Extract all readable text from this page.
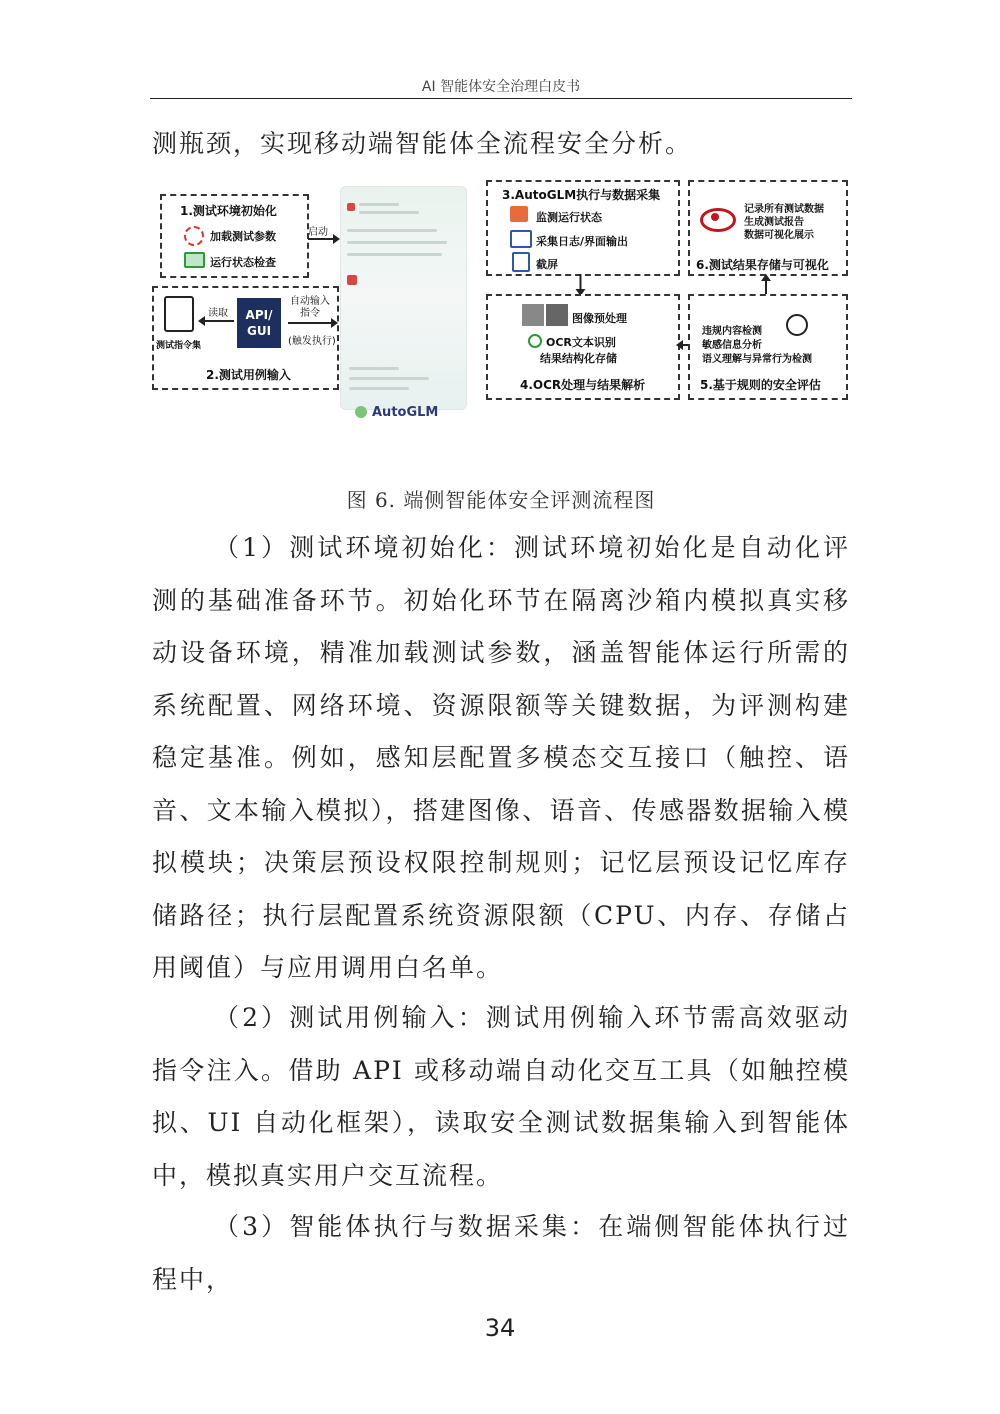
AI 智能体安全治理白皮书

测瓶颈，实现移动端智能体全流程安全分析。

1.测试环境初始化
加载测试参数
运行状态检查
启动
测试指令集
读取
自动输入
指令
(触发执行)
2.测试用例输入
API/
GUI
AutoGLM
3.AutoGLM执行与数据采集
监测运行状态
采集日志/界面输出
截屏
图像预处理
OCR文本识别
结果结构化存储
4.OCR处理与结果解析
记录所有测试数据
生成测试报告
数据可视化展示
6.测试结果存储与可视化
违规内容检测
敏感信息分析
语义理解与异常行为检测
5.基于规则的安全评估
图 6. 端侧智能体安全评测流程图

（1）测试环境初始化：测试环境初始化是自动化评测的基础准备环节。初始化环节在隔离沙箱内模拟真实移动设备环境，精准加载测试参数，涵盖智能体运行所需的系统配置、网络环境、资源限额等关键数据，为评测构建稳定基准。例如，感知层配置多模态交互接口（触控、语音、文本输入模拟），搭建图像、语音、传感器数据输入模拟模块；决策层预设权限控制规则；记忆层预设记忆库存储路径；执行层配置系统资源限额（CPU、内存、存储占用阈值）与应用调用白名单。

（2）测试用例输入：测试用例输入环节需高效驱动指令注入。借助 API 或移动端自动化交互工具（如触控模拟、UI 自动化框架），读取安全测试数据集输入到智能体中，模拟真实用户交互流程。

（3）智能体执行与数据采集：在端侧智能体执行过程中，

34
